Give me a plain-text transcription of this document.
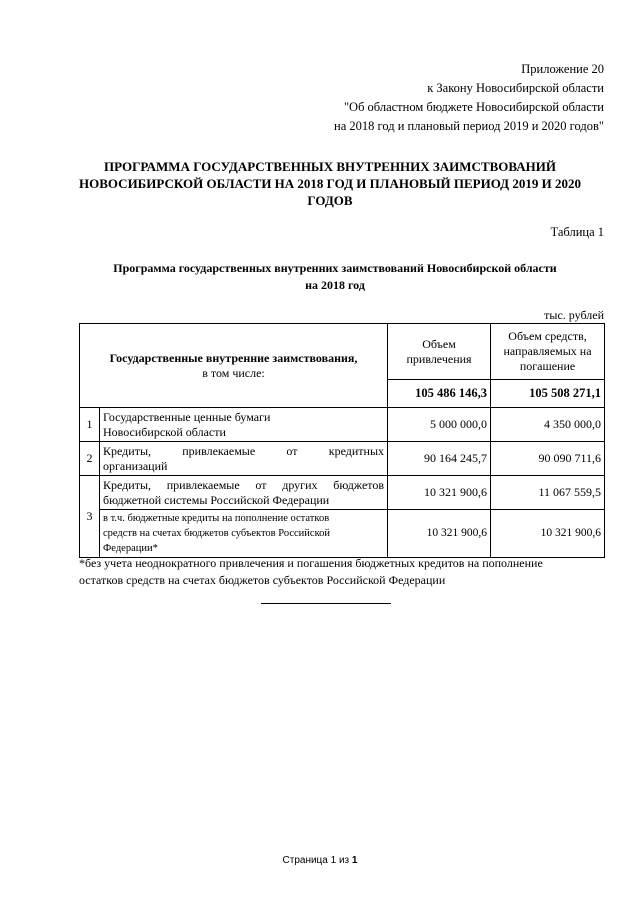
Приложение 20
к Закону Новосибирской области
"Об областном бюджете Новосибирской области
на 2018 год и плановый период 2019 и 2020 годов"
ПРОГРАММА ГОСУДАРСТВЕННЫХ ВНУТРЕННИХ ЗАИМСТВОВАНИЙ
НОВОСИБИРСКОЙ ОБЛАСТИ НА 2018 ГОД И ПЛАНОВЫЙ ПЕРИОД 2019 И 2020
ГОДОВ
Таблица 1
Программа государственных внутренних заимствований Новосибирской области
на 2018 год
тыс. рублей
Государственные внутренние заимствования,
в том числе:		Объем привлечения	Объем средств, направляемых на погашение
		105 486 146,3	105 508 271,1
1	Государственные ценные бумаги
Новосибирской области	5 000 000,0	4 350 000,0
2	Кредиты, привлекаемые от кредитных
организаций	90 164 245,7	90 090 711,6
3	Кредиты, привлекаемые от других бюджетов
бюджетной системы Российской Федерации	10 321 900,6	11 067 559,5

	в т.ч. бюджетные кредиты на пополнение остатков
средств на счетах бюджетов субъектов Российской
Федерации*	10 321 900,6	10 321 900,6
*без учета неоднократного привлечения и погашения бюджетных кредитов на пополнение
остатков средств на счетах бюджетов субъектов Российской Федерации
Страница 1 из 1
